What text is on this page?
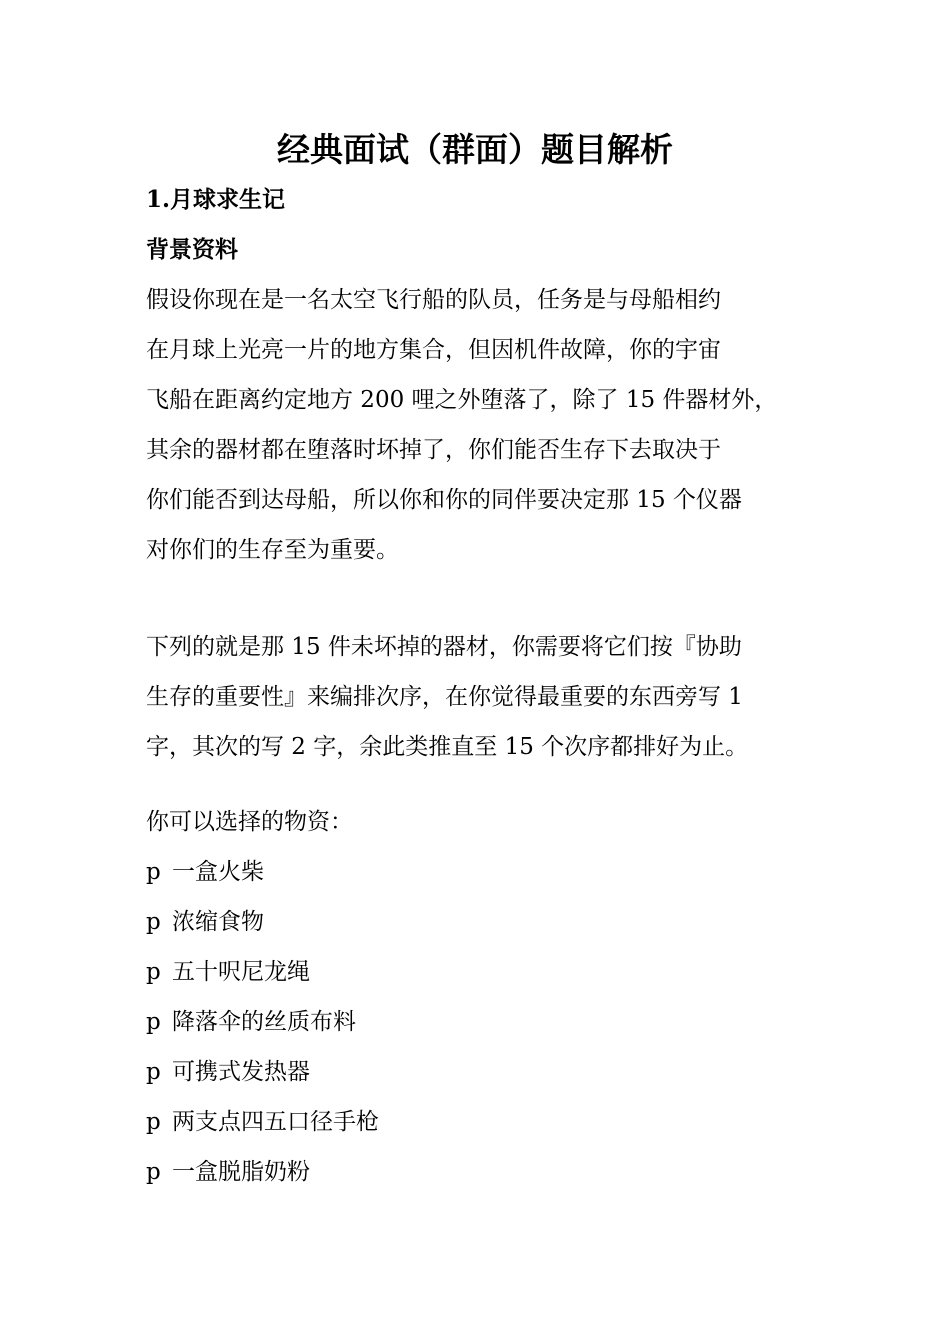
经典面试（群面）题目解析
1.月球求生记
背景资料
假设你现在是一名太空飞行船的队员，任务是与母船相约
在月球上光亮一片的地方集合，但因机件故障，你的宇宙
飞船在距离约定地方 200 哩之外堕落了，除了 15 件器材外，
其余的器材都在堕落时坏掉了，你们能否生存下去取决于
你们能否到达母船，所以你和你的同伴要决定那 15 个仪器
对你们的生存至为重要。
下列的就是那 15 件未坏掉的器材，你需要将它们按『协助
生存的重要性』来编排次序，在你觉得最重要的东西旁写 1
字，其次的写 2 字，余此类推直至 15 个次序都排好为止。
你可以选择的物资：
p 一盒火柴
p 浓缩食物
p 五十呎尼龙绳
p 降落伞的丝质布料
p 可携式发热器
p 两支点四五口径手枪
p 一盒脱脂奶粉
